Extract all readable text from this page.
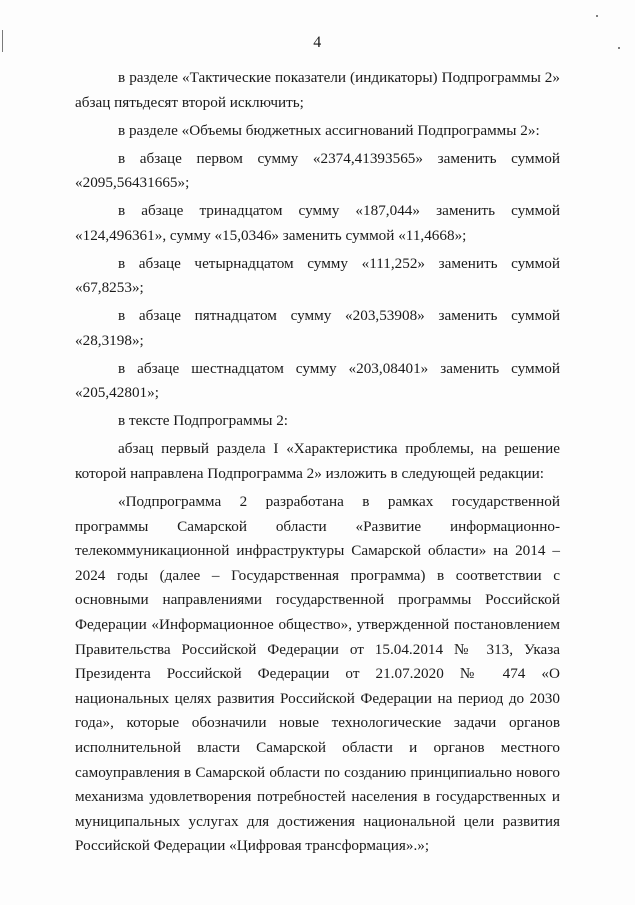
4

в разделе «Тактические показатели (индикаторы) Подпрограммы 2» абзац пятьдесят второй исключить;

в разделе «Объемы бюджетных ассигнований Подпрограммы 2»:

в абзаце первом сумму «2374,41393565» заменить суммой «2095,56431665»;

в абзаце тринадцатом сумму «187,044» заменить суммой «124,496361», сумму «15,0346» заменить суммой «11,4668»;

в абзаце четырнадцатом сумму «111,252» заменить суммой «67,8253»;

в абзаце пятнадцатом сумму «203,53908» заменить суммой «28,3198»;

в абзаце шестнадцатом сумму «203,08401» заменить суммой «205,42801»;

в тексте Подпрограммы 2:

абзац первый раздела I «Характеристика проблемы, на решение которой направлена Подпрограмма 2» изложить в следующей редакции:

«Подпрограмма 2 разработана в рамках государственной программы Самарской области «Развитие информационно-телекоммуникационной инфраструктуры Самарской области» на 2014 – 2024 годы (далее – Государственная программа) в соответствии с основными направлениями государственной программы Российской Федерации «Информационное общество», утвержденной постановлением Правительства Российской Федерации от 15.04.2014 № 313, Указа Президента Российской Федерации от 21.07.2020 № 474 «О национальных целях развития Российской Федерации на период до 2030 года», которые обозначили новые технологические задачи органов исполнительной власти Самарской области и органов местного самоуправления в Самарской области по созданию принципиально нового механизма удовлетворения потребностей населения в государственных и муниципальных услугах для достижения национальной цели развития Российской Федерации «Цифровая трансформация».»;
